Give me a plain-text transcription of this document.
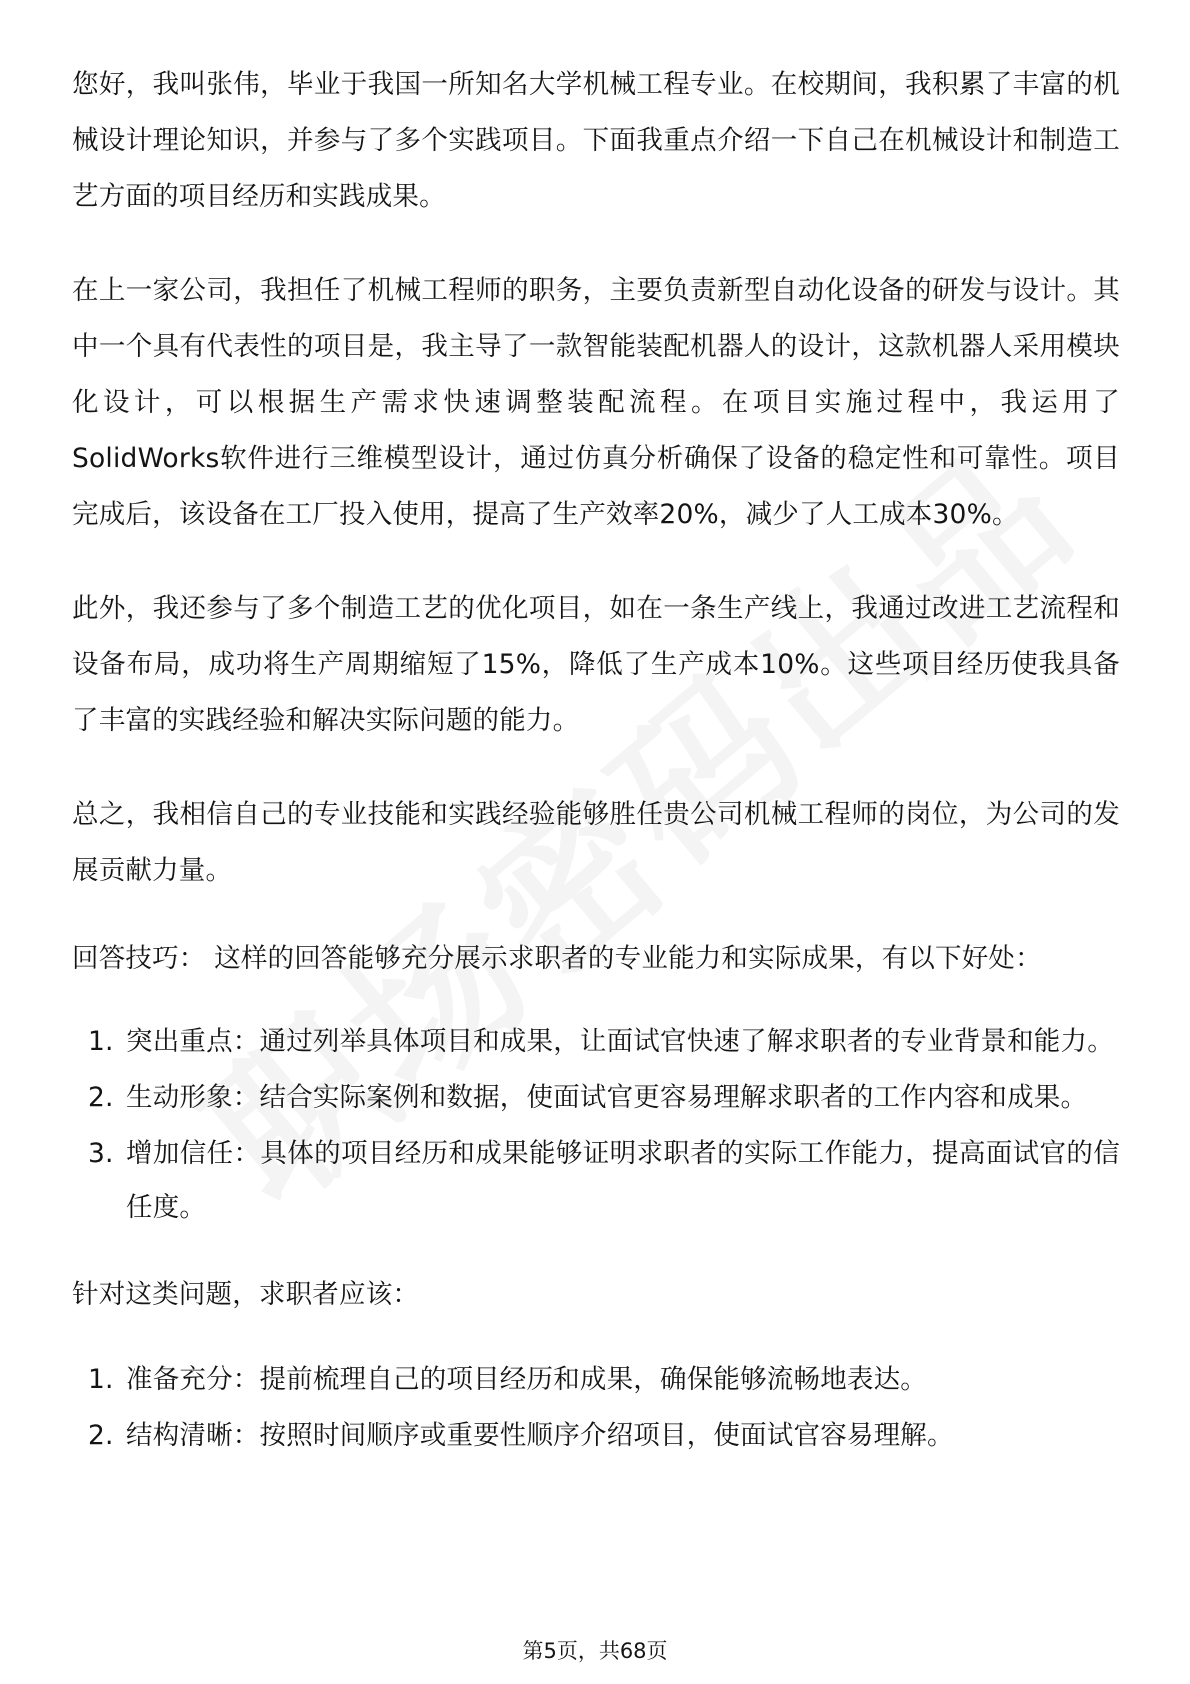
您好，我叫张伟，毕业于我国一所知名大学机械工程专业。在校期间，我积累了丰富的机械设计理论知识，并参与了多个实践项目。下面我重点介绍一下自己在机械设计和制造工艺方面的项目经历和实践成果。

在上一家公司，我担任了机械工程师的职务，主要负责新型自动化设备的研发与设计。其中一个具有代表性的项目是，我主导了一款智能装配机器人的设计，这款机器人采用模块化设计，可以根据生产需求快速调整装配流程。在项目实施过程中，我运用了SolidWorks软件进行三维模型设计，通过仿真分析确保了设备的稳定性和可靠性。项目完成后，该设备在工厂投入使用，提高了生产效率20%，减少了人工成本30%。

此外，我还参与了多个制造工艺的优化项目，如在一条生产线上，我通过改进工艺流程和设备布局，成功将生产周期缩短了15%，降低了生产成本10%。这些项目经历使我具备了丰富的实践经验和解决实际问题的能力。

总之，我相信自己的专业技能和实践经验能够胜任贵公司机械工程师的岗位，为公司的发展贡献力量。

回答技巧： 这样的回答能够充分展示求职者的专业能力和实际成果，有以下好处：

1. 突出重点：通过列举具体项目和成果，让面试官快速了解求职者的专业背景和能力。
2. 生动形象：结合实际案例和数据，使面试官更容易理解求职者的工作内容和成果。
3. 增加信任：具体的项目经历和成果能够证明求职者的实际工作能力，提高面试官的信任度。

针对这类问题，求职者应该：

1. 准备充分：提前梳理自己的项目经历和成果，确保能够流畅地表达。
2. 结构清晰：按照时间顺序或重要性顺序介绍项目，使面试官容易理解。
第5页，共68页
